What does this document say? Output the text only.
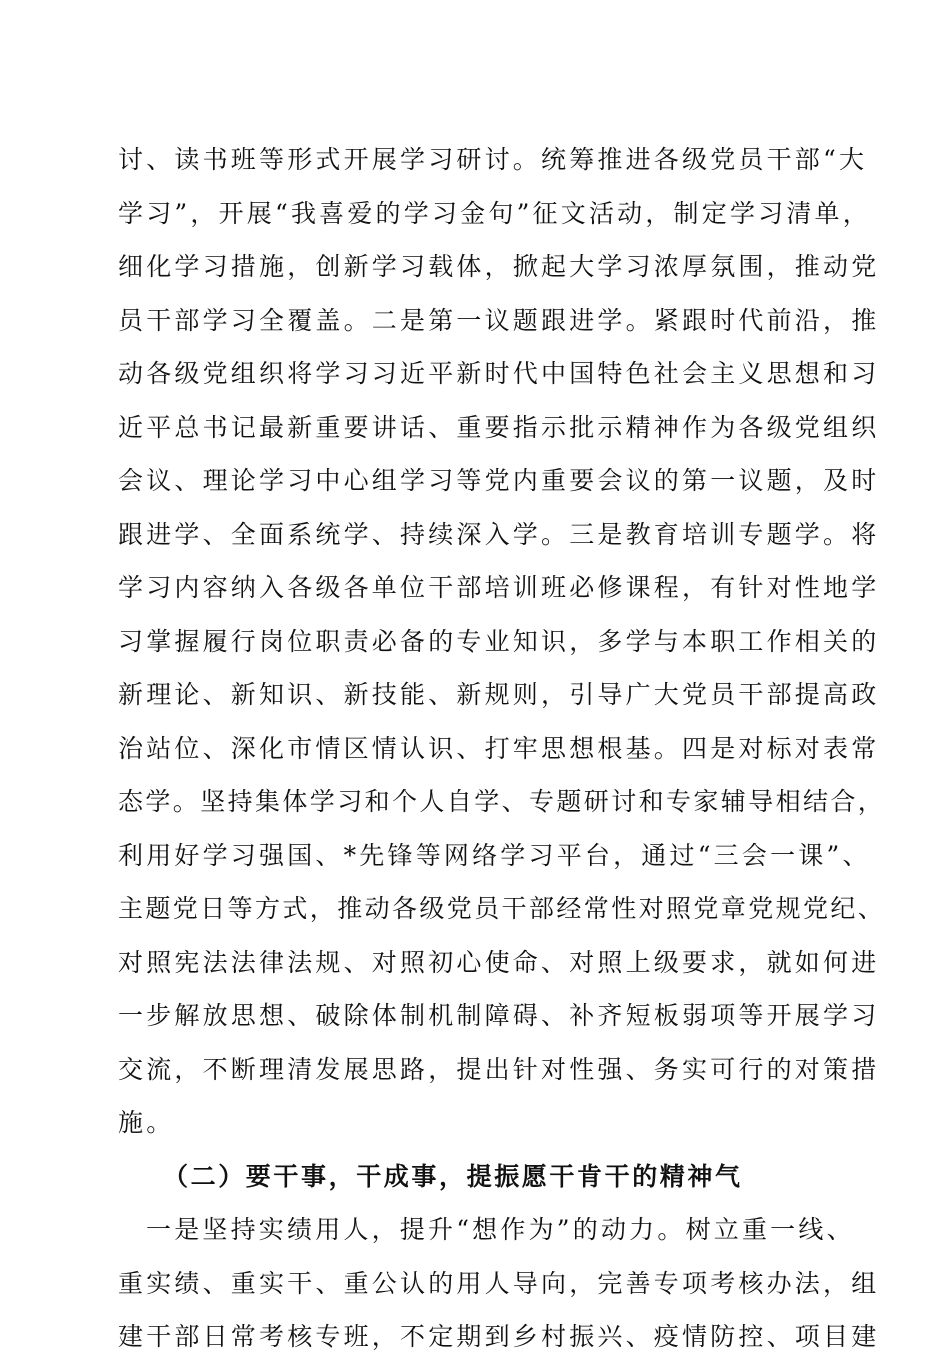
讨、读书班等形式开展学习研讨。统筹推进各级党员干部“大
学习”，开展“我喜爱的学习金句”征文活动，制定学习清单，
细化学习措施，创新学习载体，掀起大学习浓厚氛围，推动党
员干部学习全覆盖。二是第一议题跟进学。紧跟时代前沿，推
动各级党组织将学习习近平新时代中国特色社会主义思想和习
近平总书记最新重要讲话、重要指示批示精神作为各级党组织
会议、理论学习中心组学习等党内重要会议的第一议题，及时
跟进学、全面系统学、持续深入学。三是教育培训专题学。将
学习内容纳入各级各单位干部培训班必修课程，有针对性地学
习掌握履行岗位职责必备的专业知识，多学与本职工作相关的
新理论、新知识、新技能、新规则，引导广大党员干部提高政
治站位、深化市情区情认识、打牢思想根基。四是对标对表常
态学。坚持集体学习和个人自学、专题研讨和专家辅导相结合，
利用好学习强国、*先锋等网络学习平台，通过“三会一课”、
主题党日等方式，推动各级党员干部经常性对照党章党规党纪、
对照宪法法律法规、对照初心使命、对照上级要求，就如何进
一步解放思想、破除体制机制障碍、补齐短板弱项等开展学习
交流，不断理清发展思路，提出针对性强、务实可行的对策措
施。
（二）要干事，干成事，提振愿干肯干的精神气
一是坚持实绩用人，提升“想作为”的动力。树立重一线、
重实绩、重实干、重公认的用人导向，完善专项考核办法，组
建干部日常考核专班，不定期到乡村振兴、疫情防控、项目建
